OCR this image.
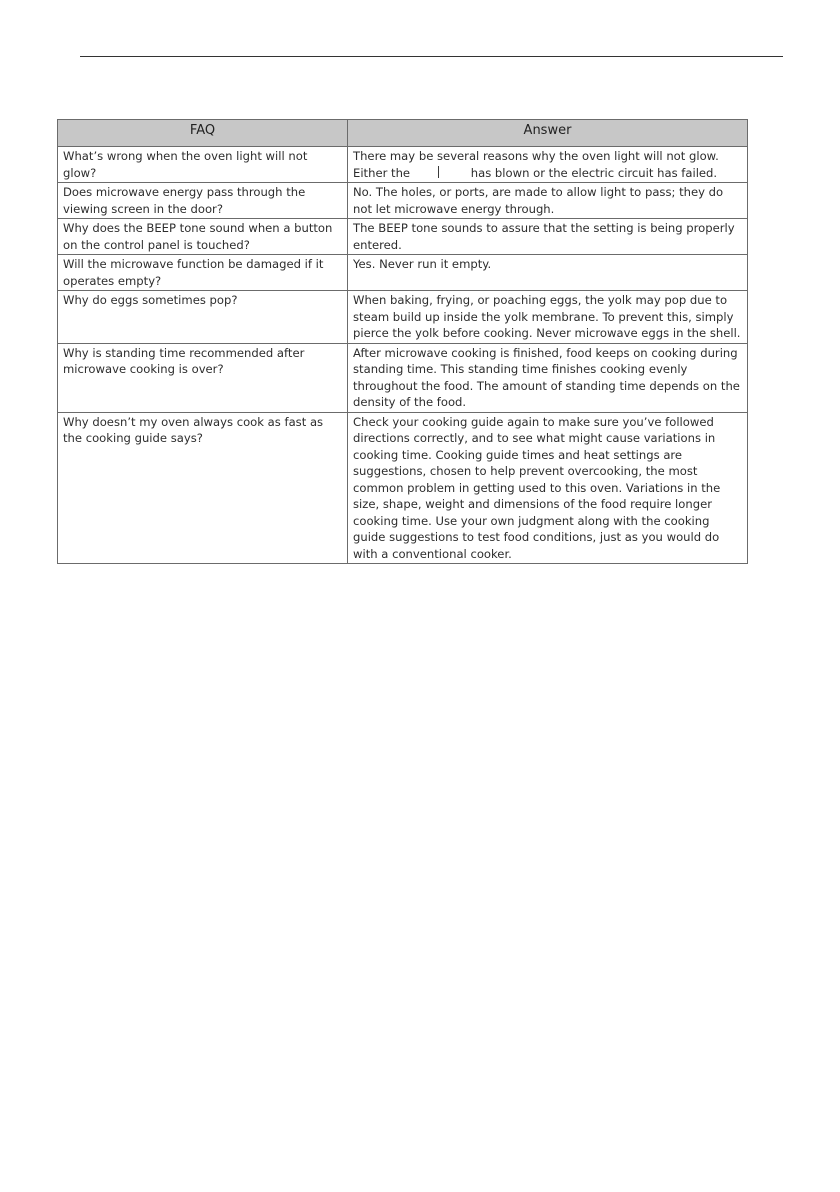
FAQ	Answer
What’s wrong when the oven light will not glow?	There may be several reasons why the oven light will not glow. Either the has blown or the electric circuit has failed.
Does microwave energy pass through the viewing screen in the door?	No. The holes, or ports, are made to allow light to pass; they do not let microwave energy through.
Why does the BEEP tone sound when a button on the control panel is touched?	The BEEP tone sounds to assure that the setting is being properly entered.
Will the microwave function be damaged if it operates empty?	Yes. Never run it empty.
Why do eggs sometimes pop?	When baking, frying, or poaching eggs, the yolk may pop due to steam build up inside the yolk membrane. To prevent this, simply pierce the yolk before cooking. Never microwave eggs in the shell.
Why is standing time recommended after microwave cooking is over?	After microwave cooking is finished, food keeps on cooking during standing time. This standing time finishes cooking evenly throughout the food. The amount of standing time depends on the density of the food.
Why doesn’t my oven always cook as fast as the cooking guide says?	Check your cooking guide again to make sure you’ve followed directions correctly, and to see what might cause variations in cooking time. Cooking guide times and heat settings are suggestions, chosen to help prevent overcooking, the most common problem in getting used to this oven. Variations in the size, shape, weight and dimensions of the food require longer cooking time. Use your own judgment along with the cooking guide suggestions to test food conditions, just as you would do with a conventional cooker.
